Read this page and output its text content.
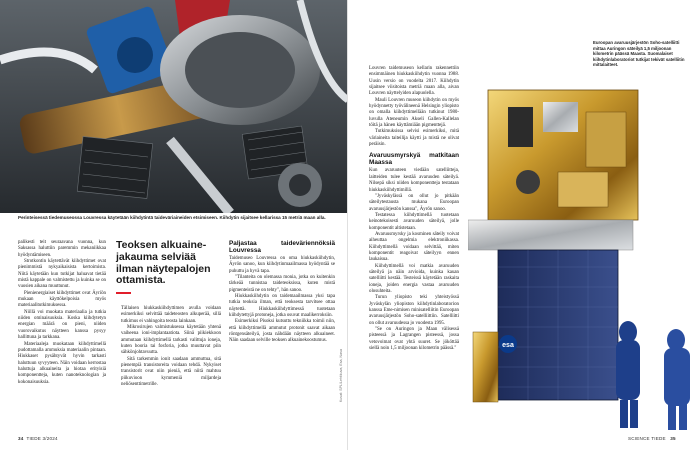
Perinteisessä tiedemuseossa Louvressa käytetään kiihdytintä taideväriaineiden etsimiseen. Kiihdytin sijaitsee kellarissa 15 metriä maan alla.

palikesti teit seuraavana vuonna, kun Saksassa haluttiin paremmin mekaniikkaa hyödyntämiseen.

Strotkontin käytettävät kiihdyttimet ovat pienimmistä nykyaikaisista kertoimista. Niitä käytetään kun tutkijat haluavat tietää mistä kappale on valmistettu ja kuinka se on vuosien aikana muuttunut.

Pienienergiaiset kiihdyttimet ovat Äyriön mukaan käyttökelpoisia myös materiaalitutkimuksessa.

Niillä voi muokata materiaalia ja tutkia niiden ominaisuuksia. Koska kiihdytetyn energian määrä on pieni, niiden vuorovaikutus näytteen kanssa pysyy hallittuna ja tarkkana.

Materiaaleja muokataan kiihdyttimellä pudottamalla ammuksia materiaalin pintaan. Hiukkaset pysähtyvät hyvin tarkasti haluttuun syvyyteen. Näin voidaan kerrostaa haluttuja alkuaineita ja hiotaa erityisiä komponentteja, kuten nanoteknologian ja kokonaisuuksia.

Teoksen alkuainejakauma selviää ilman näytepalojen ottamista.

Tällaisen hiukkaskiihdyttimen avulla voidaan esimerkiksi selvittää taideteosten alkuperää, sillä tutkimus ei vahingoita teosta lainkaan.

Mikrosirujen valmistuksessa käytetään yhtenä vaiheena ioni-implantaatiota. Siinä piikiekkoon ammutaan kiihdyttimellä tarkasti valittuja ioneja, kuten booria tai fosforia, jotka muuttavat piin sähkönjohtavuutta.

Sitä tarkemmin ionit saadaan ammuttua, sitä pienempiä transistoreita voidaan tehdä. Nykyiset transistorit ovat niin pieniä, että niitä mahtuu piikuvioon kymmeniä miljardeja neliösenttimetrille.

Paljastaa taideväriennöksiä Louvressa

Taidemuseo Louvressa on oma hiukkaskiihdytin, Äyrön sanoo, kun kiihdytinmaailmassa hyödyntää se puhuttu ja hyvä tapa.

"Tilanteita on olemassa monia, jotka on kuitenkin tärkeää tunnistaa taideteoksissa, kuten mistä pigmenteistä ne on tehty", hän sanoo.

Hiukkaskiihdytin on taidemaailmassa yksi tapa tutkia teoksia ilman, että teoksesta tarvitsee ottaa näytettä. Hiukkaskiihdyttimessä tuotetaan kiihdytettyjä protoneja, jotka osuvat maalikerroksiin.

Esimerkiksi Pisoksi kutsuttu tekniikka toimii niin, että kiihdyttimellä ammutut protonit saavat aikaan röntgensäteilyä, josta nähdään näytteen alkuaineet. Näin saadaan selville teoksen alkuainekoostumus.

Kuvat: SPL/Lehtikuva, Esa, Nasa
34 TIEDE 3/2024

Louvren taidemuseon kellarin rakennettiin ensimmäinen hiukkaskiihdytin vuonna 1988. Uusin versio on vuodelta 2017. Kiihdytin sijaitsee viisitoista metriä maan alla, aivan Louvren näyttelyiden alapuolella.

Mauli Louvren museon kiihdytin on myös hyödynnetty työvälineenä Helsingin yliopisto on omalla kiihdyttimellään tutkinut 1980-luvulla Ateneumin Akseli Gallen-Kallelan töitä ja hänen käyttämiään pigmenttejä.

Tutkimuksissa selvisi esimerkiksi, mitä väriaineita taiteilija käytti ja mistä ne olivat peräisin.

Avaruusmyrskyä matkitaan Maassa

Kun avaruuteen viedään satelliitteja, laitteiden tulee kestää avaruuden säteilyä. Nilsepä siksi niiden komponentteja testataan hiukkaskiihdyttimillä.

"Jyväskylässä on ollut jo pitkään säteilytestausta mukana Euroopan avaruusjärjestön kanssa", Äyrön sanoo.

Testatessa kiihdyttimellä tuotetaan keinotekoisesti avaruuden säteilyä, jolle komponentit altistetaan.

Avaruusmyrsky ja kosminen säteily voivat aiheuttaa ongelmia elektroniikassa. Kiihdyttimellä voidaan selvittää, miten komponentit reagoivat säteilyyn ennen laukaisua.

Kiihdyttimellä voi matkia avaruuden säteilyä ja näin arvioida, kuinka kauan satelliitti kestää. Testeissä käytetään raskaita ioneja, joiden energia vastaa avaruuden olosuhteita.

Turun yliopisto teki yhteistyössä Jyväskylän yliopiston kiihdytinlaboratorion kanssa Eme-nimisen minisatelliitin Euroopan avaruusjärjestön Soho-satelliittiin. Satelliitti on ollut avaruudessa jo vuodesta 1995.

"Se on Auringon ja Maan välisessä pisteessä ja Lagrangen pisteessä, jossa vetovoimat ovat yhtä suuret. Se jököttää siellä noin 1,5 miljoonan kilometrin päässä."

Euroopan avaruusjärjestön Soho-satelliitti mittaa Auringon säteilyä 1,5 miljoonan kilometrin päässä Maasta. Suomalaiset kiihdytinlaboratoriot tutkijat tekivät satelliitin mittalaitteet.
esa
SCIENCE TIEDE 35
